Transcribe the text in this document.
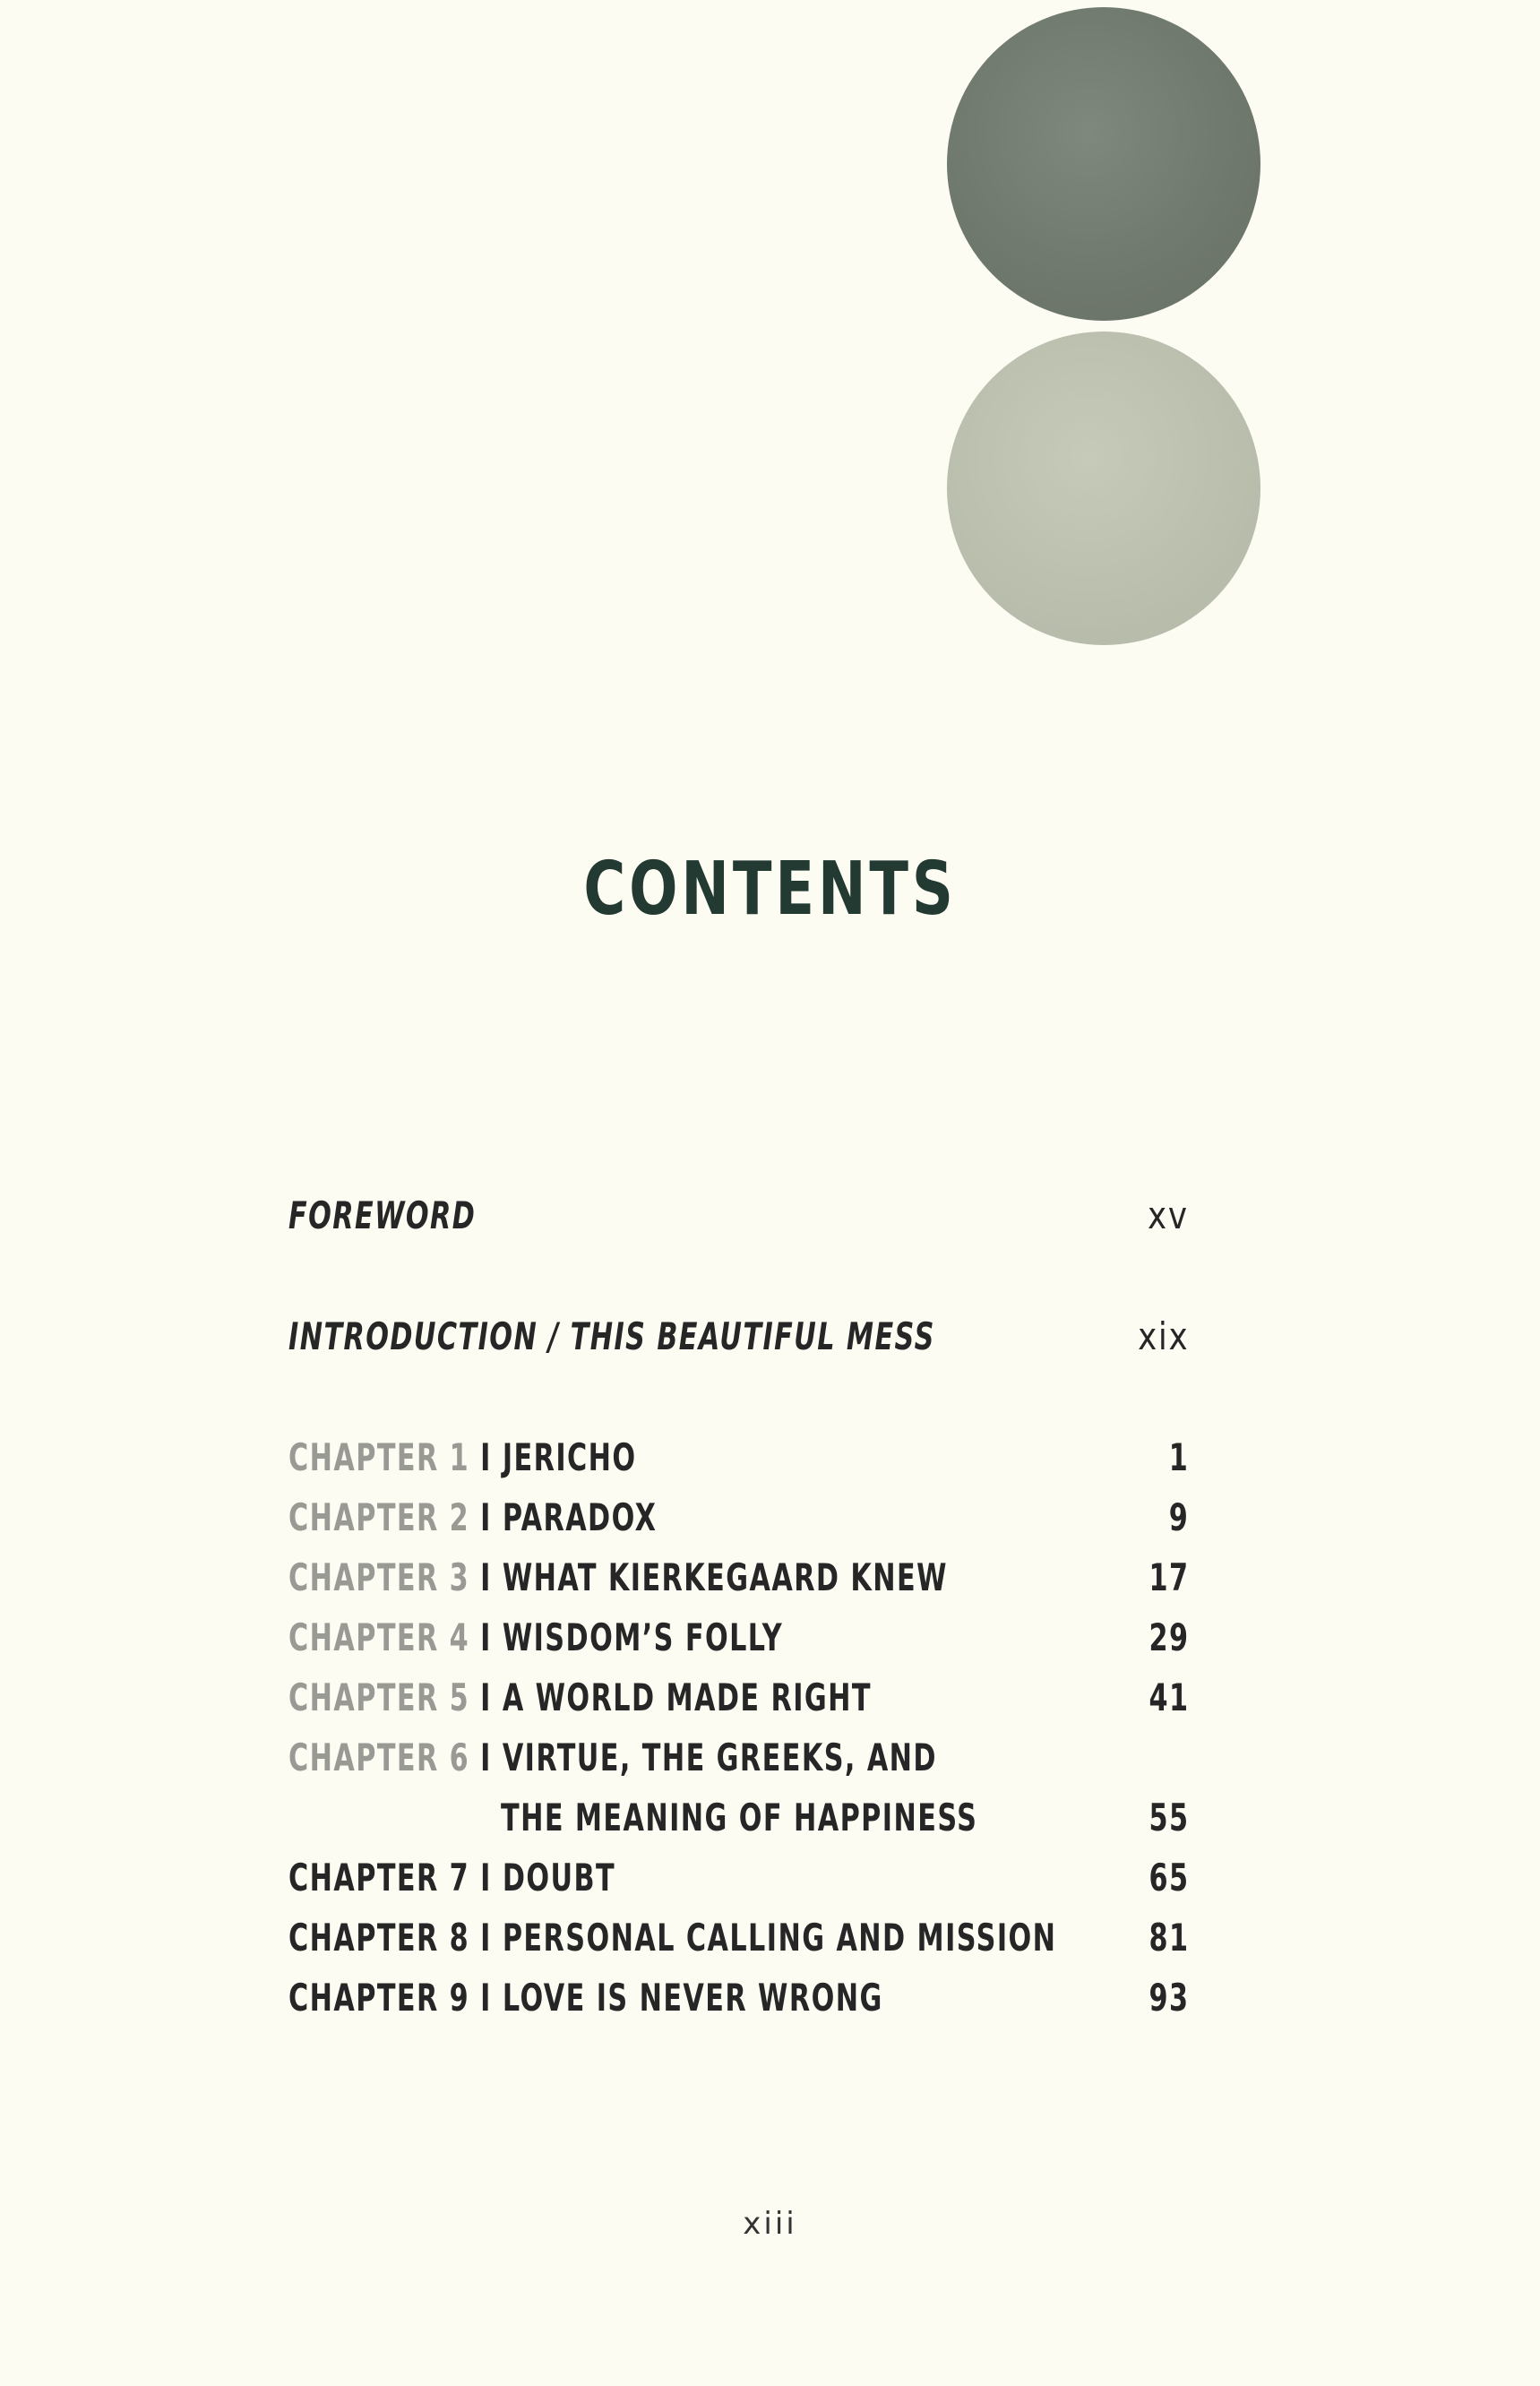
CONTENTS
FOREWORD	xv
INTRODUCTION / THIS BEAUTIFUL MESS	xix
CHAPTER 1 I JERICHO	1
CHAPTER 2 I PARADOX	9
CHAPTER 3 I WHAT KIERKEGAARD KNEW	17
CHAPTER 4 I WISDOM’S FOLLY	29
CHAPTER 5 I A WORLD MADE RIGHT	41
CHAPTER 6 I VIRTUE, THE GREEKS, AND
THE MEANING OF HAPPINESS	55
CHAPTER 7 I DOUBT	65
CHAPTER 8 I PERSONAL CALLING AND MISSION 81
CHAPTER 9 I LOVE IS NEVER WRONG	93
xiii
